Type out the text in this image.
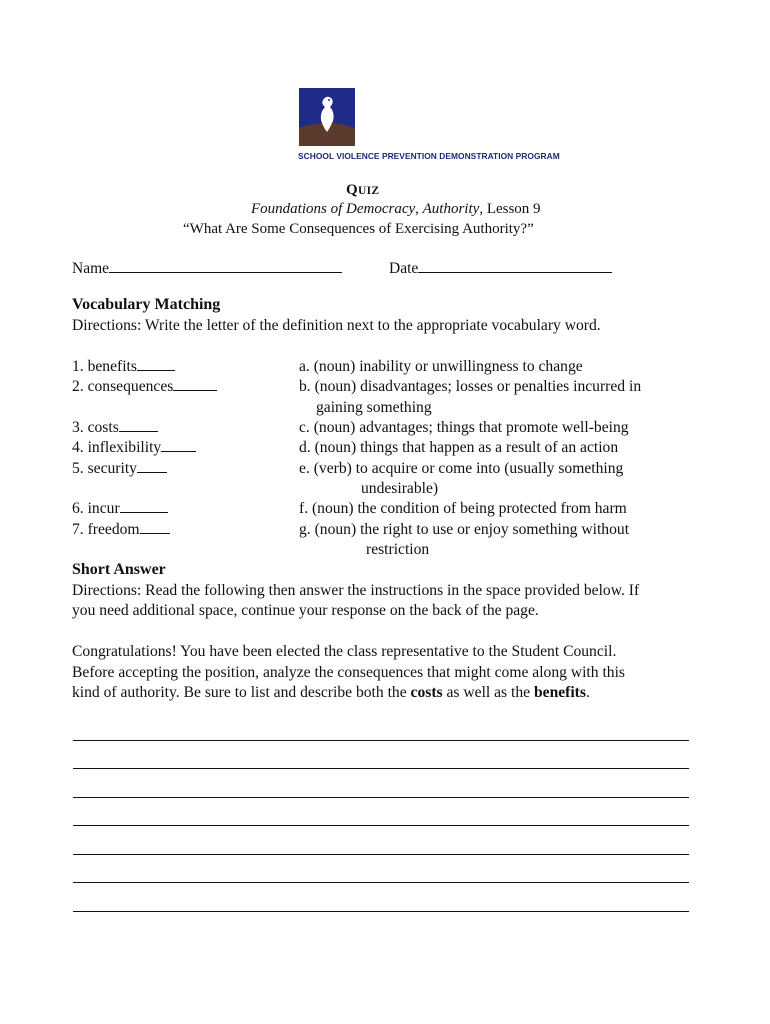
SCHOOL VIOLENCE PREVENTION DEMONSTRATION PROGRAM
QUIZ
Foundations of Democracy, Authority, Lesson 9
“What Are Some Consequences of Exercising Authority?”
Name	Date
Vocabulary Matching
Directions: Write the letter of the definition next to the appropriate vocabulary word.
1. benefits
2. consequences
3. costs
4. inflexibility
5. security
6. incur
7. freedom
a. (noun) inability or unwillingness to change
b. (noun) disadvantages; losses or penalties incurred in
gaining something
c. (noun) advantages; things that promote well-being
d. (noun) things that happen as a result of an action
e. (verb) to acquire or come into (usually something
undesirable)
f. (noun) the condition of being protected from harm
g. (noun) the right to use or enjoy something without
restriction
Short Answer
Directions: Read the following then answer the instructions in the space provided below. If
you need additional space, continue your response on the back of the page.
Congratulations! You have been elected the class representative to the Student Council.
Before accepting the position, analyze the consequences that might come along with this
kind of authority. Be sure to list and describe both the costs as well as the benefits.
